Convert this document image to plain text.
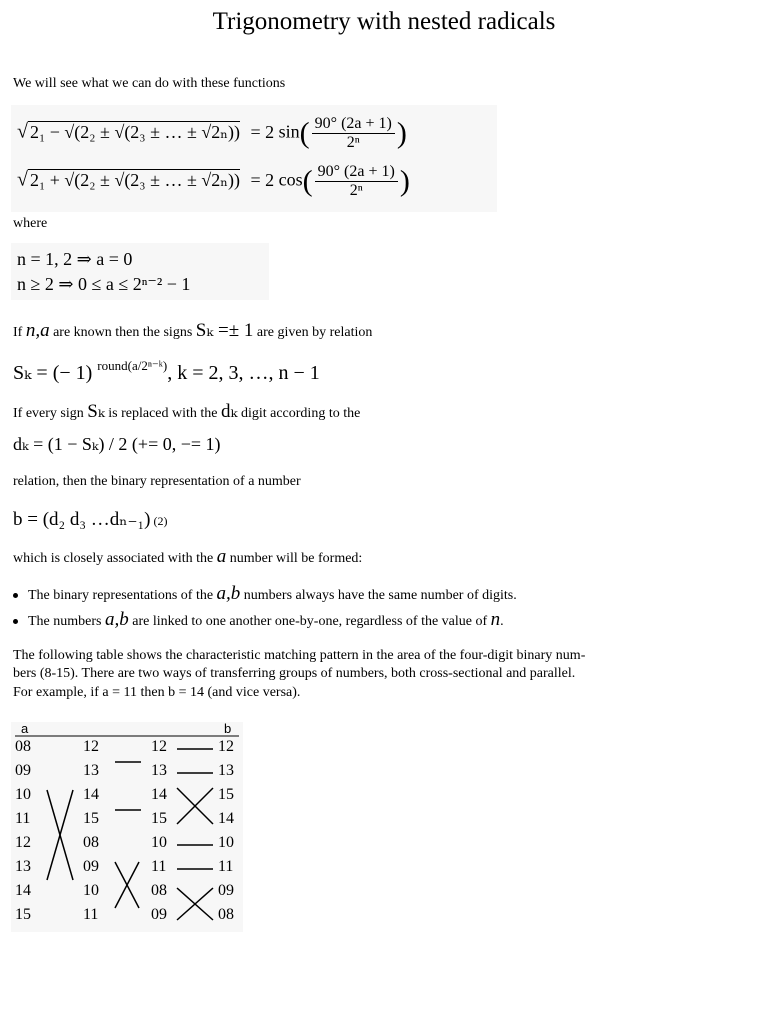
Trigonometry with nested radicals
We will see what we can do with these functions
√ 2₁ − √(2₂ ± √(2₃ ± … ± √2ₙ)) = 2 $\sin( \frac{90^\circ (2a + 1)}{\text{2ⁿ}}$ )
√ 2₁ + √(2₂ ± √(2₃ ± … ± √2ₙ)) = 2 $\cos( \frac{90^\circ (2a + 1)}{\text{2ⁿ}}$ )
where
n = 1, 2 ⇒ a = 0
n ≥ 2 ⇒ 0 ≤ a ≤ 2ⁿ⁻² − 1
If n,a are known then the signs Sₖ =± 1 are given by relation
Sₖ = (− 1) $^{round(a/2^{n-}ᵏ)}$, k = 2, 3, …, n − 1
If every sign Sₖ is replaced with the dₖ digit according to the
dₖ = (1 − Sₖ) / 2 (+= 0, −= 1)
relation, then the binary representation of a number
b = (d₂ d₃ …dₙ₋₁) (2)
which is closely associated with the a number will be formed:
The binary representations of the a,b numbers always have the same number of digits.
The numbers a,b are linked to one another one-by-one, regardless of the value of n.
The following table shows the characteristic matching pattern in the area of the four-digit binary num-
bers (8-15). There are two ways of transferring groups of numbers, both cross-sectional and parallel.
For example, if a = 11 then b = 14 (and vice versa).
a	b
08
09
10
11
12
13
14
15
12
13
14
15
08
09
10
11
12
13
14
15
10
11
08
09
12
13
15
14
10
11
09
08
